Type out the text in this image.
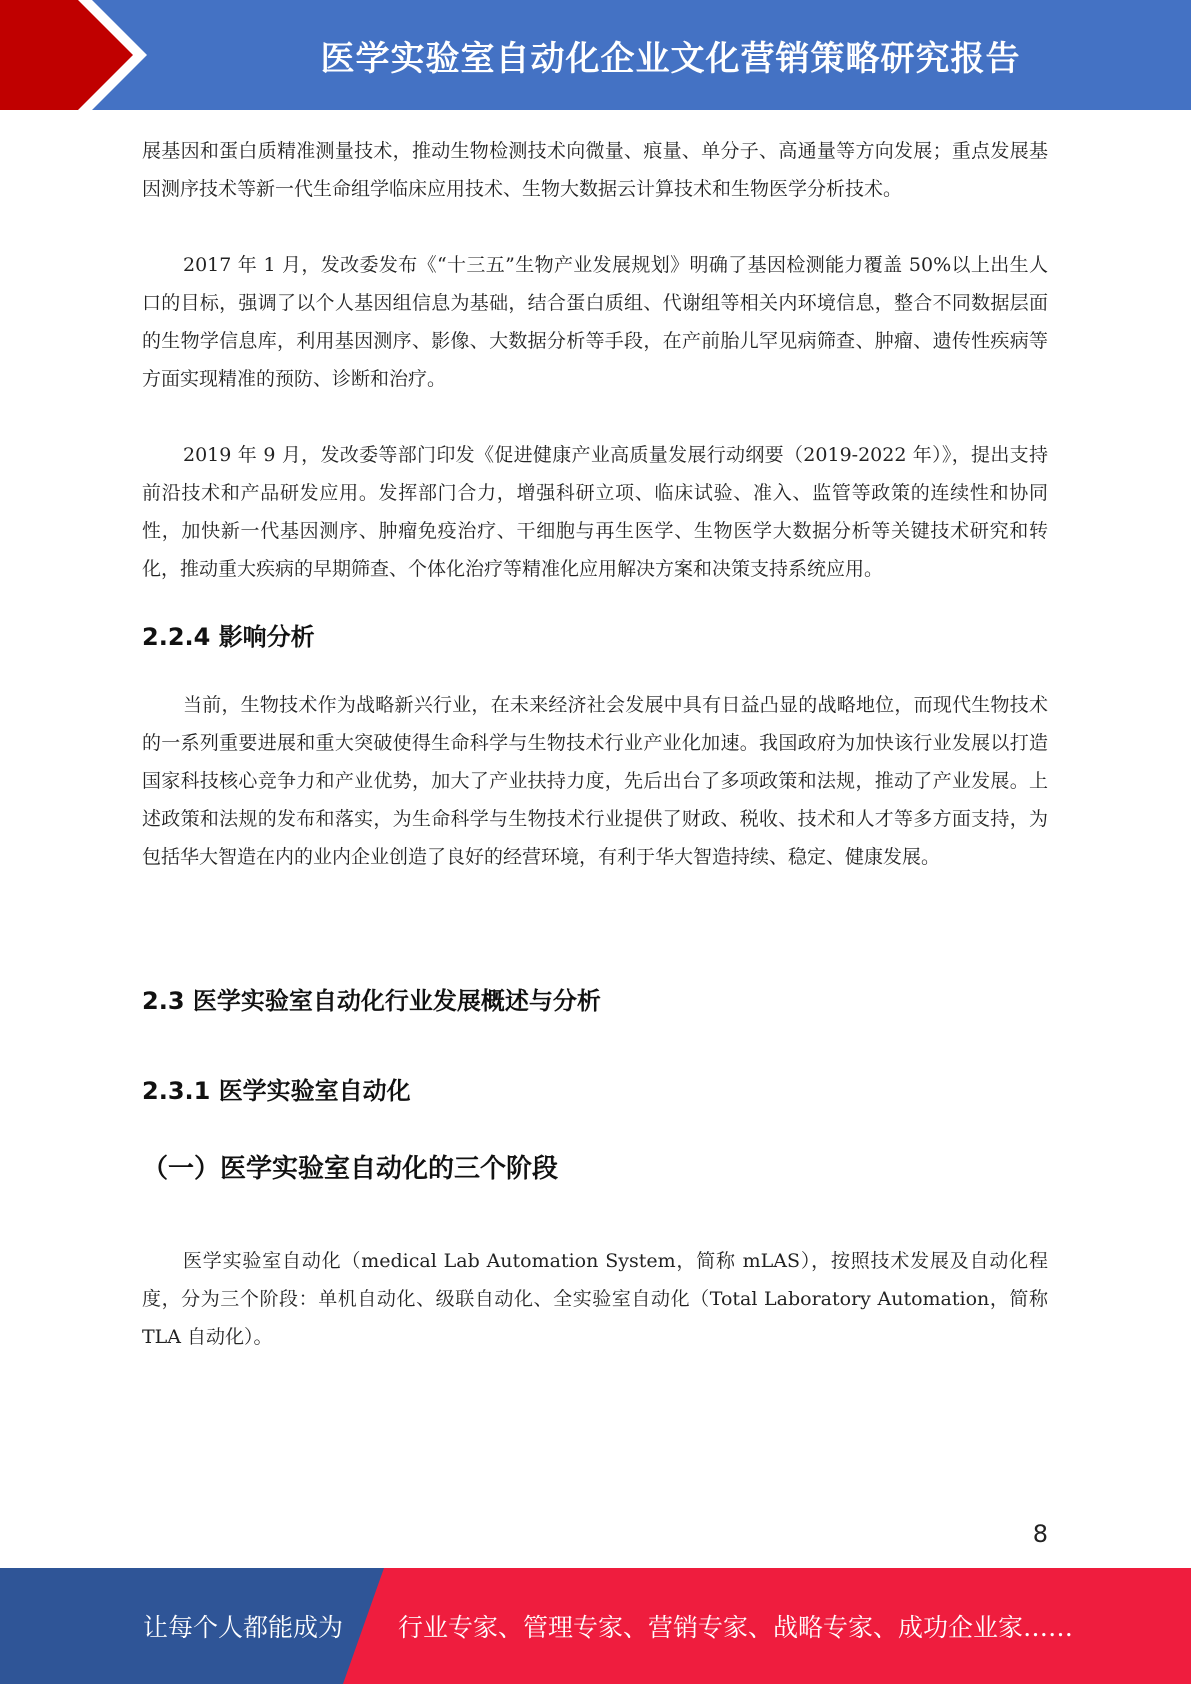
医学实验室自动化企业文化营销策略研究报告

展基因和蛋白质精准测量技术，推动生物检测技术向微量、痕量、单分子、高通量等方向发展；重点发展基因测序技术等新一代生命组学临床应用技术、生物大数据云计算技术和生物医学分析技术。

2017 年 1 月，发改委发布《“十三五”生物产业发展规划》明确了基因检测能力覆盖 50%以上出生人口的目标，强调了以个人基因组信息为基础，结合蛋白质组、代谢组等相关内环境信息，整合不同数据层面的生物学信息库，利用基因测序、影像、大数据分析等手段，在产前胎儿罕见病筛查、肿瘤、遗传性疾病等方面实现精准的预防、诊断和治疗。

2019 年 9 月，发改委等部门印发《促进健康产业高质量发展行动纲要（2019-2022 年）》，提出支持前沿技术和产品研发应用。发挥部门合力，增强科研立项、临床试验、准入、监管等政策的连续性和协同性，加快新一代基因测序、肿瘤免疫治疗、干细胞与再生医学、生物医学大数据分析等关键技术研究和转化，推动重大疾病的早期筛查、个体化治疗等精准化应用解决方案和决策支持系统应用。

2.2.4 影响分析

当前，生物技术作为战略新兴行业，在未来经济社会发展中具有日益凸显的战略地位，而现代生物技术的一系列重要进展和重大突破使得生命科学与生物技术行业产业化加速。我国政府为加快该行业发展以打造国家科技核心竞争力和产业优势，加大了产业扶持力度，先后出台了多项政策和法规，推动了产业发展。上述政策和法规的发布和落实，为生命科学与生物技术行业提供了财政、税收、技术和人才等多方面支持，为包括华大智造在内的业内企业创造了良好的经营环境，有利于华大智造持续、稳定、健康发展。

2.3 医学实验室自动化行业发展概述与分析
2.3.1 医学实验室自动化
（一）医学实验室自动化的三个阶段

医学实验室自动化（medical Lab Automation System，简称 mLAS），按照技术发展及自动化程度，分为三个阶段：单机自动化、级联自动化、全实验室自动化（Total Laboratory Automation，简称 TLA 自动化）。

8
让每个人都能成为 行业专家、管理专家、营销专家、战略专家、成功企业家……
